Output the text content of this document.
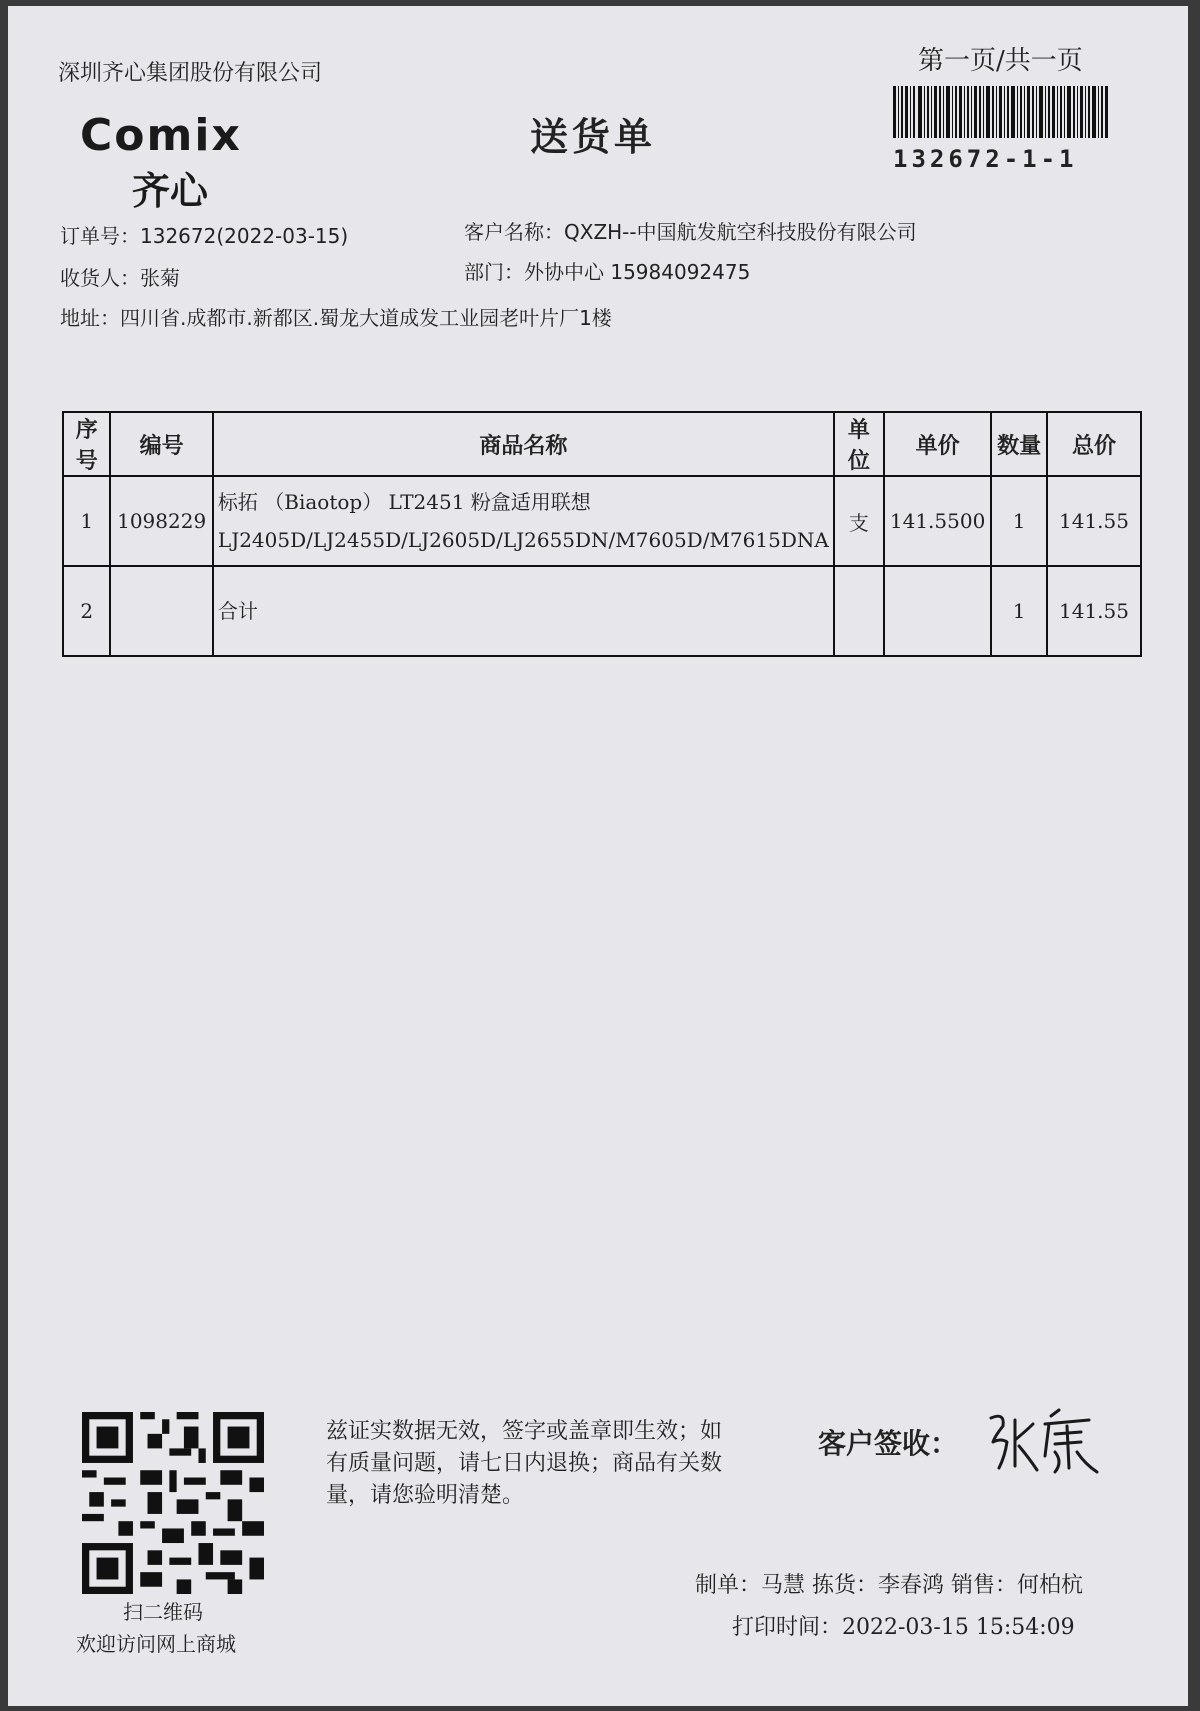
深圳齐心集团股份有限公司
Comix
齐心
送货单
第一页/共一页
132672-1-1
订单号：132672(2022-03-15)
收货人：张菊
地址：四川省.成都市.新都区.蜀龙大道成发工业园老叶片厂1楼
客户名称：QXZH--中国航发航空科技股份有限公司
部门：外协中心 15984092475
序号	编号	商品名称	单位	单价	数量	总价
1	1098229	标拓 （Biaotop） LT2451 粉盒适用联想
LJ2405D/LJ2455D/LJ2605D/LJ2655DN/M7605D/M7615DNA	支	141.5500	1	141.55
2		合计			1	141.55
扫二维码
欢迎访问网上商城
兹证实数据无效，签字或盖章即生效；如有质量问题，请七日内退换；商品有关数量，请您验明清楚。
客户签收：
制单：马慧 拣货：李春鸿 销售：何柏杭
打印时间：2022-03-15 15:54:09
